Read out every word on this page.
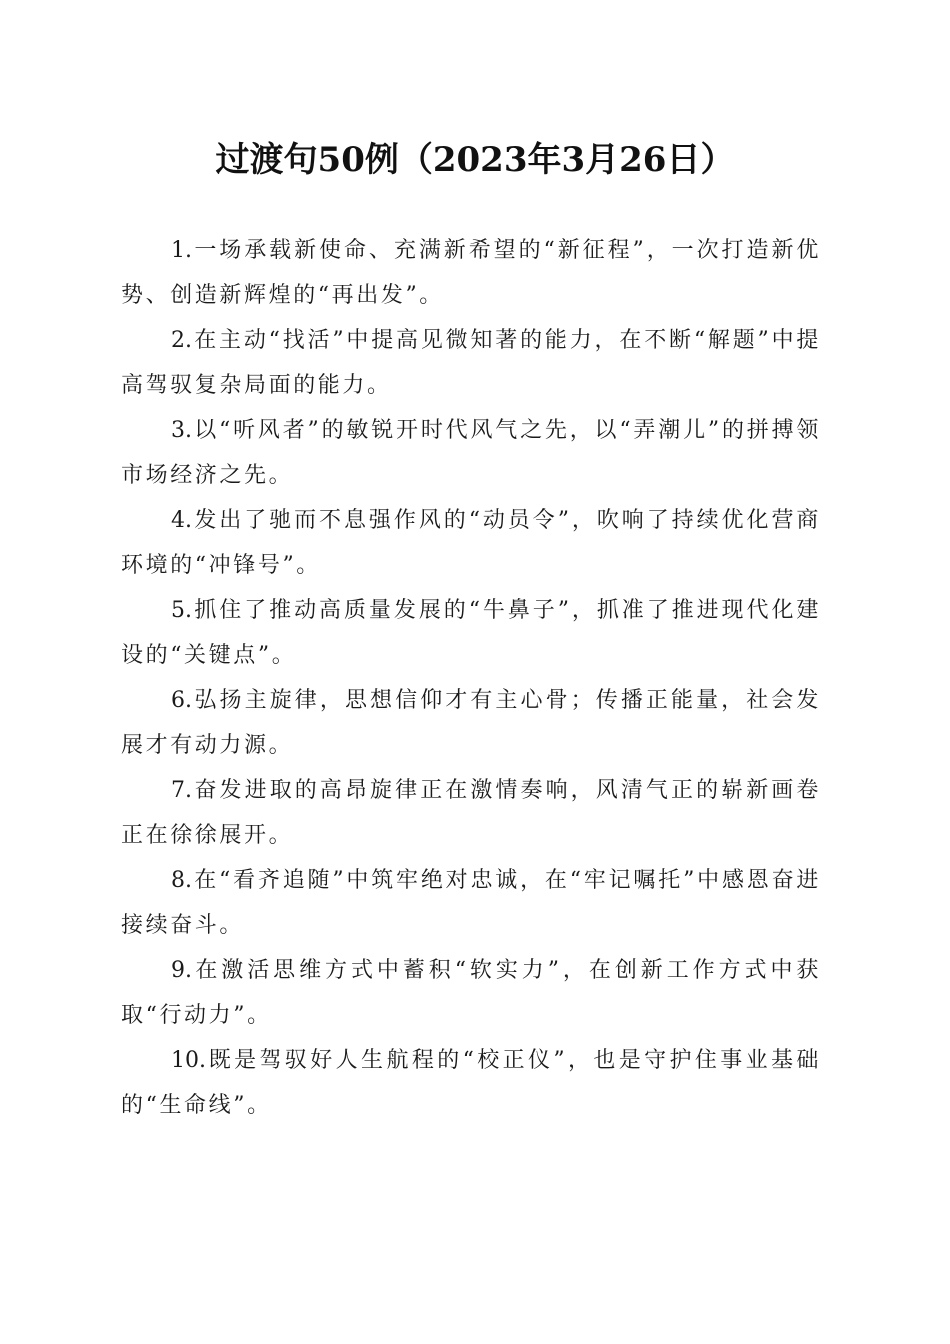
过渡句50例（2023年3月26日）

1.一场承载新使命、充满新希望的“新征程”，一次打造新优势、创造新辉煌的“再出发”。

2.在主动“找活”中提高见微知著的能力，在不断“解题”中提高驾驭复杂局面的能力。

3.以“听风者”的敏锐开时代风气之先，以“弄潮儿”的拼搏领市场经济之先。

4.发出了驰而不息强作风的“动员令”，吹响了持续优化营商环境的“冲锋号”。

5.抓住了推动高质量发展的“牛鼻子”，抓准了推进现代化建设的“关键点”。

6.弘扬主旋律，思想信仰才有主心骨；传播正能量，社会发展才有动力源。

7.奋发进取的高昂旋律正在激情奏响，风清气正的崭新画卷正在徐徐展开。

8.在“看齐追随”中筑牢绝对忠诚，在“牢记嘱托”中感恩奋进接续奋斗。

9.在激活思维方式中蓄积“软实力”，在创新工作方式中获取“行动力”。

10.既是驾驭好人生航程的“校正仪”，也是守护住事业基础的“生命线”。
